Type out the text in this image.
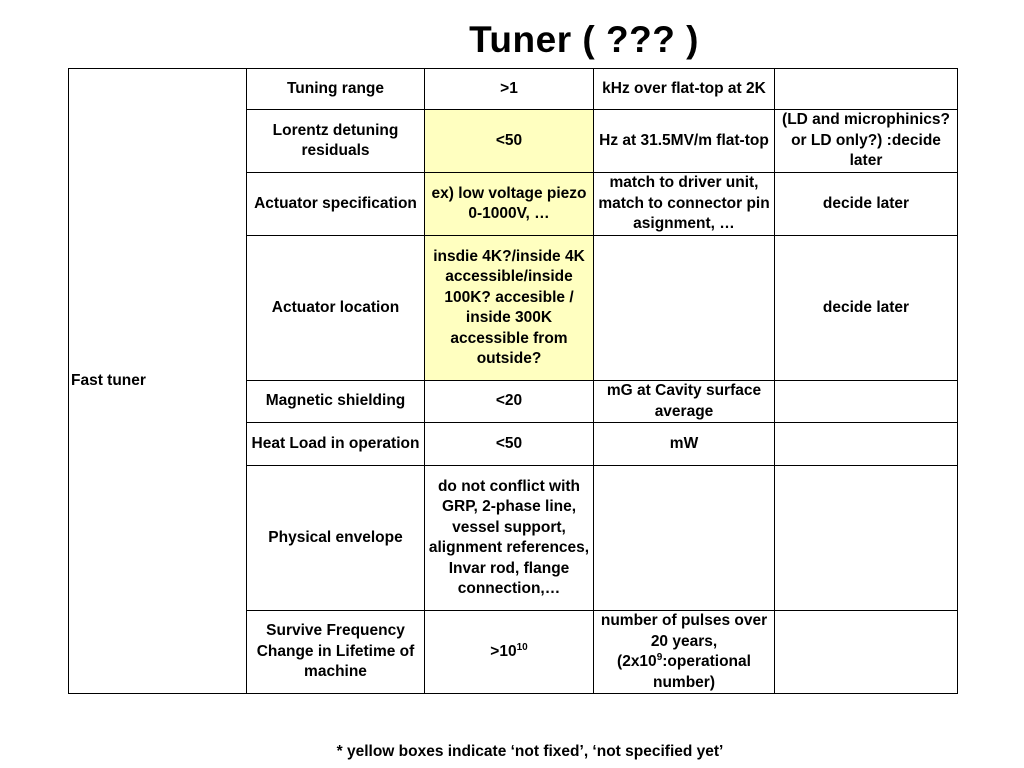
Tuner ( ??? )
Fast tuner	Tuning range	>1	kHz over flat-top at 2K	
	Lorentz detuning residuals	<50	Hz at 31.5MV/m flat-top	(LD and microphinics? or LD only?) :decide later
	Actuator specification	ex) low voltage piezo 0-1000V, …	match to driver unit, match to connector pin asignment, …	decide later
	Actuator location	insdie 4K?/inside 4K accessible/inside 100K? accesible / inside 300K accessible from outside?		decide later
	Magnetic shielding	<20	mG at Cavity surface average	
	Heat Load in operation	<50	mW	
	Physical envelope	do not conflict with GRP, 2-phase line, vessel support, alignment references, Invar rod, flange connection,…		
	Survive Frequency Change in Lifetime of machine	$>10^{10}$	number of pulses over 20 years, ($2x10^9:operational$ number)	
* yellow boxes indicate ‘not fixed’, ‘not specified yet’
